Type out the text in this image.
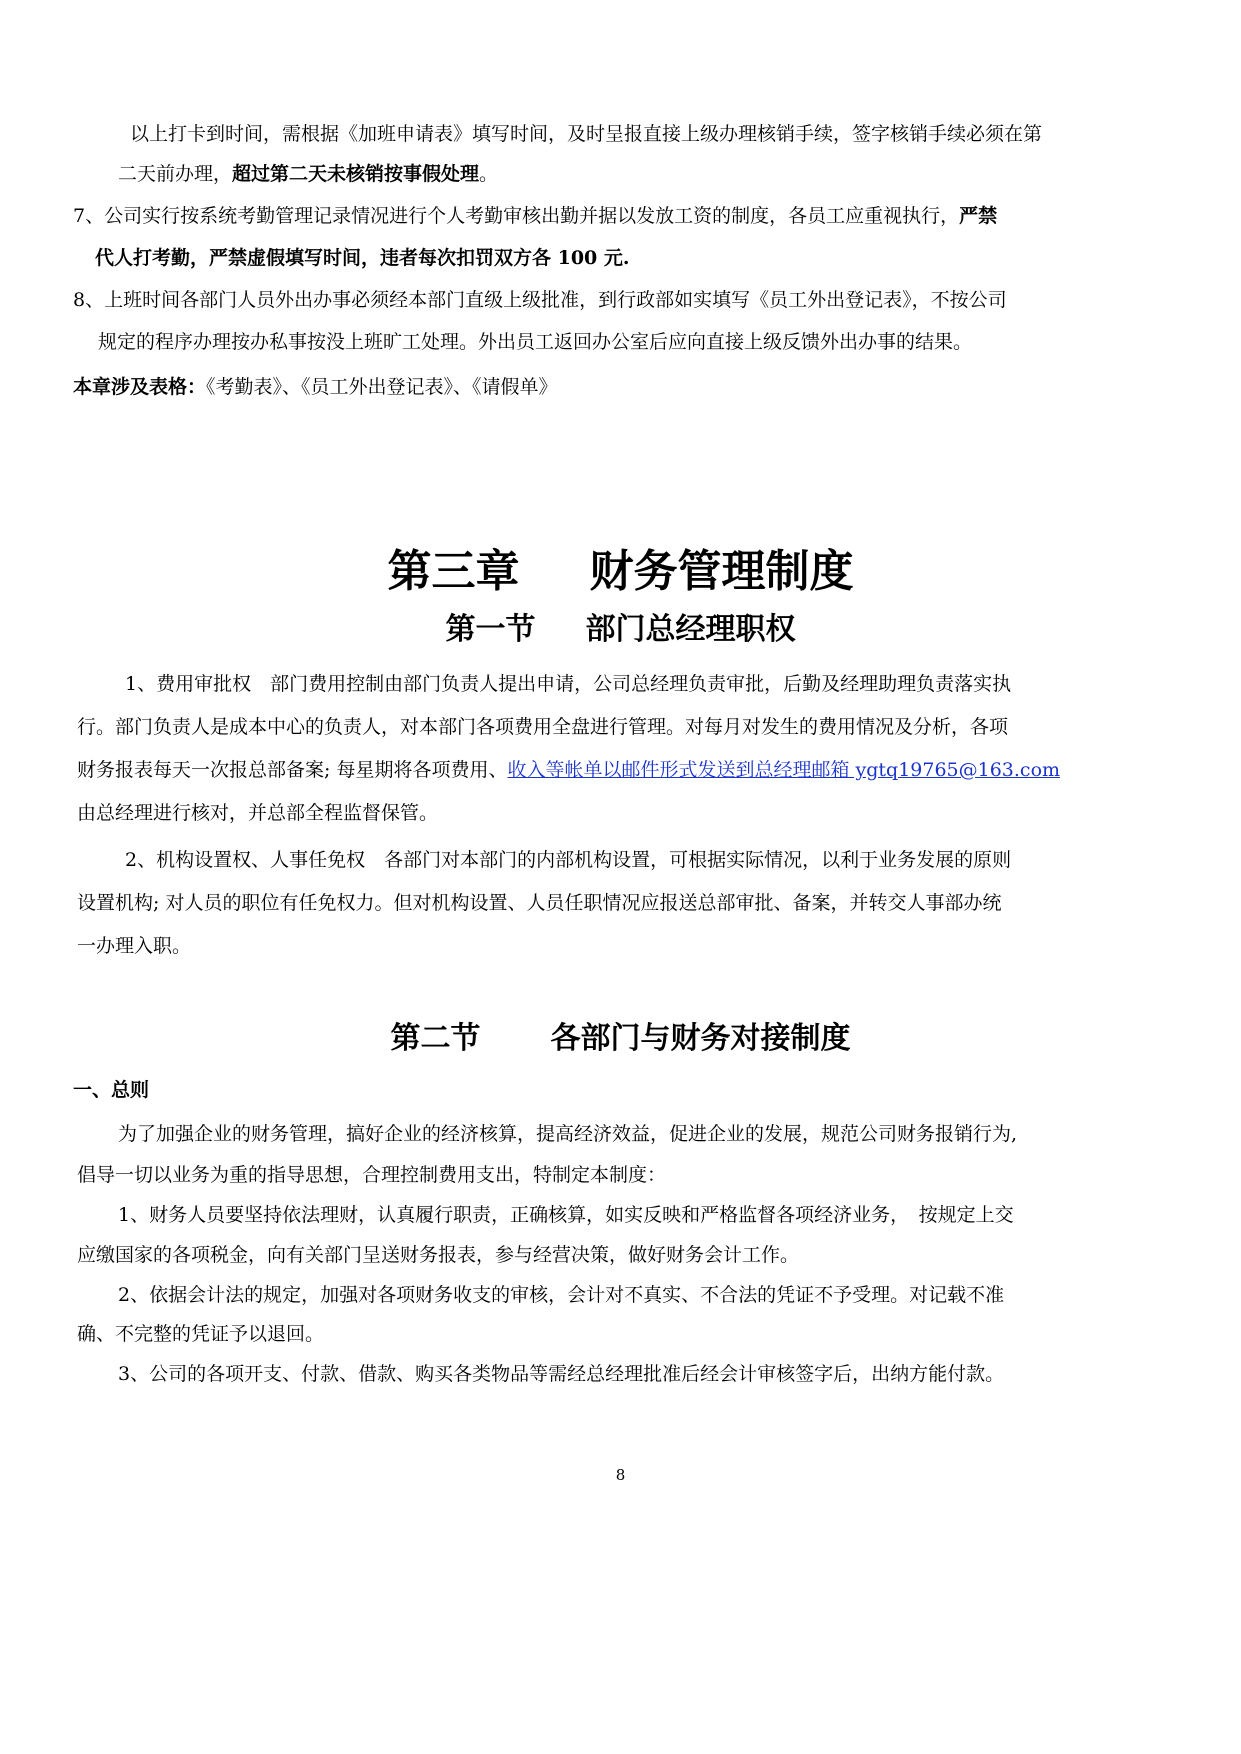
以上打卡到时间，需根据《加班申请表》填写时间，及时呈报直接上级办理核销手续，签字核销手续必须在第
二天前办理，超过第二天未核销按事假处理。
7、公司实行按系统考勤管理记录情况进行个人考勤审核出勤并据以发放工资的制度，各员工应重视执行，严禁
代人打考勤，严禁虚假填写时间，违者每次扣罚双方各 100 元.
8、上班时间各部门人员外出办事必须经本部门直级上级批准，到行政部如实填写《员工外出登记表》，不按公司
规定的程序办理按办私事按没上班旷工处理。外出员工返回办公室后应向直接上级反馈外出办事的结果。
本章涉及表格：《考勤表》、《员工外出登记表》、《请假单》
第三章 财务管理制度
第一节 部门总经理职权
1、费用审批权　部门费用控制由部门负责人提出申请，公司总经理负责审批，后勤及经理助理负责落实执
行。部门负责人是成本中心的负责人，对本部门各项费用全盘进行管理。对每月对发生的费用情况及分析，各项
财务报表每天一次报总部备案; 每星期将各项费用、收入等帐单以邮件形式发送到总经理邮箱 ygtq19765@163.com
由总经理进行核对，并总部全程监督保管。
2、机构设置权、人事任免权　各部门对本部门的内部机构设置，可根据实际情况，以利于业务发展的原则
设置机构; 对人员的职位有任免权力。但对机构设置、人员任职情况应报送总部审批、备案，并转交人事部办统
一办理入职。
第二节 各部门与财务对接制度
一、总则
为了加强企业的财务管理，搞好企业的经济核算，提高经济效益，促进企业的发展，规范公司财务报销行为,
倡导一切以业务为重的指导思想，合理控制费用支出，特制定本制度：
1、财务人员要坚持依法理财，认真履行职责，正确核算，如实反映和严格监督各项经济业务，　按规定上交
应缴国家的各项税金，向有关部门呈送财务报表，参与经营决策，做好财务会计工作。
2、依据会计法的规定，加强对各项财务收支的审核，会计对不真实、不合法的凭证不予受理。对记载不准
确、不完整的凭证予以退回。
3、公司的各项开支、付款、借款、购买各类物品等需经总经理批准后经会计审核签字后，出纳方能付款。
8
